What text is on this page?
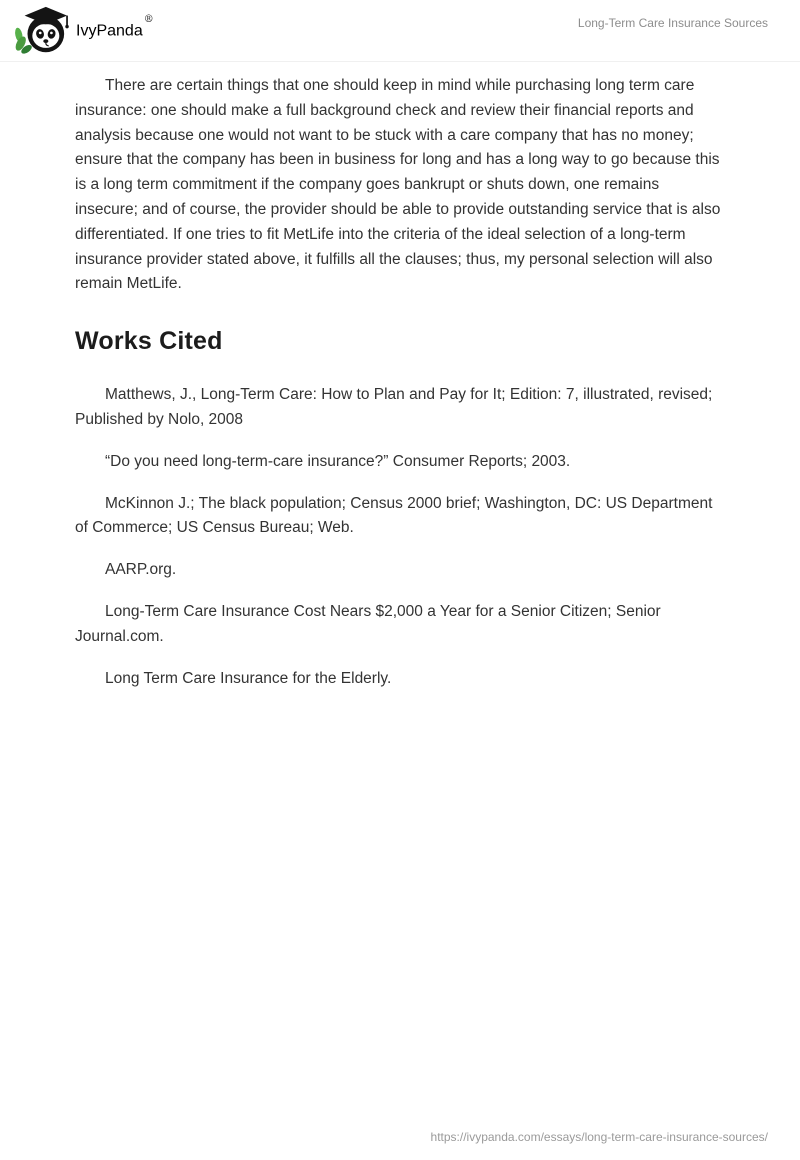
IvyPanda®	Long-Term Care Insurance Sources

There are certain things that one should keep in mind while purchasing long term care insurance: one should make a full background check and review their financial reports and analysis because one would not want to be stuck with a care company that has no money; ensure that the company has been in business for long and has a long way to go because this is a long term commitment if the company goes bankrupt or shuts down, one remains insecure; and of course, the provider should be able to provide outstanding service that is also differentiated. If one tries to fit MetLife into the criteria of the ideal selection of a long-term insurance provider stated above, it fulfills all the clauses; thus, my personal selection will also remain MetLife.

Works Cited

Matthews, J., Long-Term Care: How to Plan and Pay for It; Edition: 7, illustrated, revised; Published by Nolo, 2008

“Do you need long-term-care insurance?” Consumer Reports; 2003.

McKinnon J.; The black population; Census 2000 brief; Washington, DC: US Department of Commerce; US Census Bureau; Web.

AARP.org.

Long-Term Care Insurance Cost Nears $2,000 a Year for a Senior Citizen; Senior Journal.com.

Long Term Care Insurance for the Elderly.

https://ivypanda.com/essays/long-term-care-insurance-sources/
